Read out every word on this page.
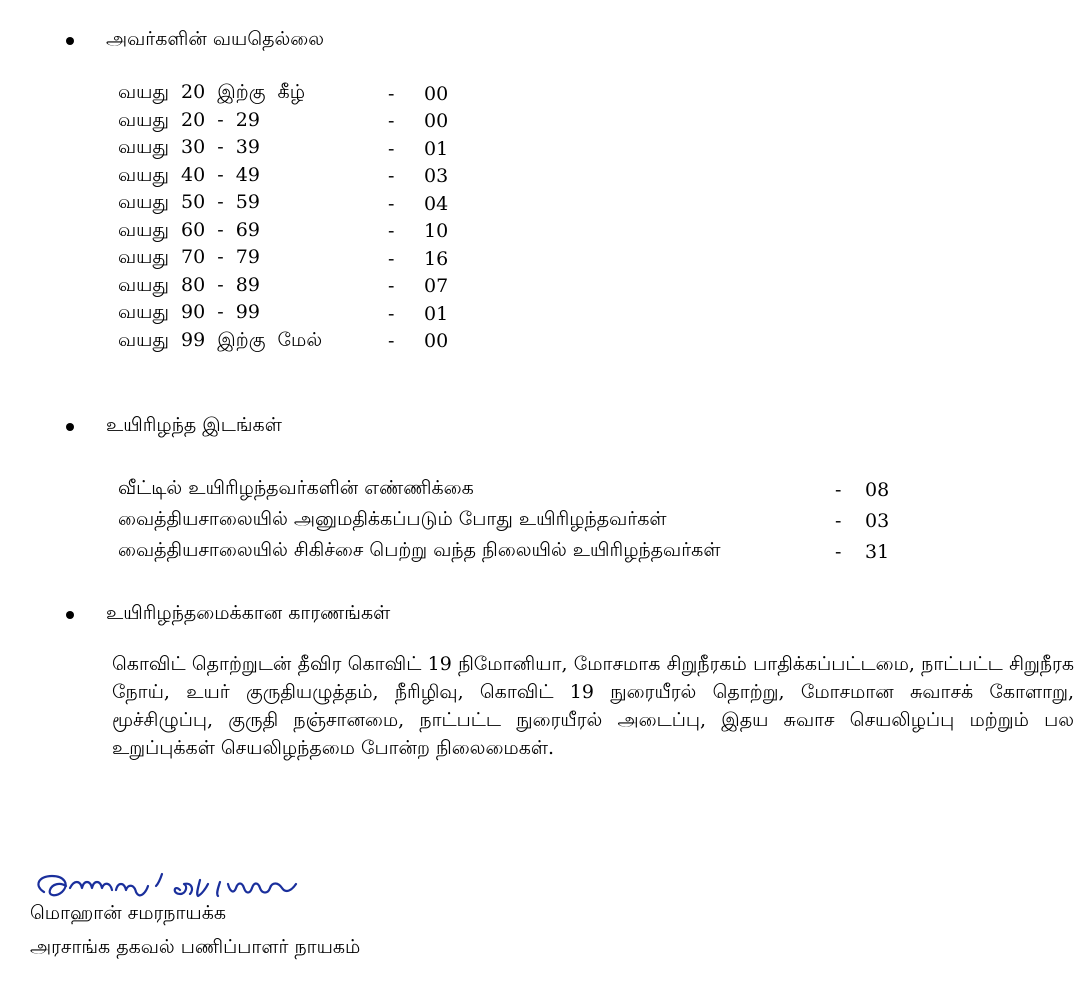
அவர்களின் வயதெல்லை
வயது  20  இற்கு  கீழ்	-	00
வயது  20  -  29	-	00
வயது  30  -  39	-	01
வயது  40  -  49	-	03
வயது  50  -  59	-	04
வயது  60  -  69	-	10
வயது  70  -  79	-	16
வயது  80  -  89	-	07
வயது  90  -  99	-	01
வயது  99  இற்கு  மேல்	-	00
உயிரிழந்த இடங்கள்
வீட்டில் உயிரிழந்தவர்களின் எண்ணிக்கை	-	08
வைத்தியசாலையில் அனுமதிக்கப்படும் போது உயிரிழந்தவர்கள்	-	03
வைத்தியசாலையில் சிகிச்சை பெற்று வந்த நிலையில் உயிரிழந்தவர்கள்	-	31
உயிரிழந்தமைக்கான காரணங்கள்

கொவிட் தொற்றுடன் தீவிர கொவிட் 19 நிமோனியா, மோசமாக சிறுநீரகம் பாதிக்கப்பட்டமை, நாட்பட்ட சிறுநீரக நோய், உயர் குருதியழுத்தம், நீரிழிவு, கொவிட் 19 நுரையீரல் தொற்று, மோசமான சுவாசக் கோளாறு, மூச்சிழுப்பு, குருதி நஞ்சானமை, நாட்பட்ட நுரையீரல் அடைப்பு, இதய சுவாச செயலிழப்பு மற்றும் பல உறுப்புக்கள் செயலிழந்தமை போன்ற நிலைமைகள்.

மொஹான் சமரநாயக்க
அரசாங்க தகவல் பணிப்பாளர் நாயகம்
